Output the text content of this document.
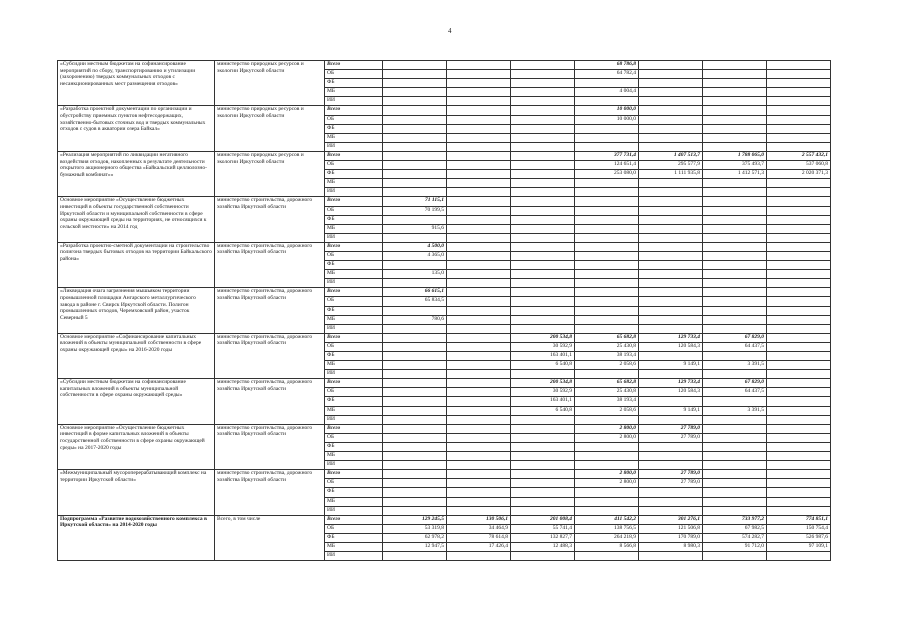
4
«Субсидии местным бюджетам на софинансирование мероприятий по сбору, транспортированию и утилизации (захоронению) твердых коммунальных отходов с несанкционированных мест размещения отходов»	министерство природных ресурсов и экологии Иркутской области	Всего				68 786,8			
		ОБ				64 782,4			
		ФБ							
		МБ				4 004,4			
		ИИ							
«Разработка проектной документации по организации и обустройству приемных пунктов нефтесодержащих, хозяйственно-бытовых сточных вод и твердых коммунальных отходов с судов в акватории озера Байкал»	министерство природных ресурсов и экологии Иркутской области	Всего				10 000,0			
		ОБ				10 000,0			
		ФБ							
		МБ							
		ИИ							
«Реализация мероприятий по ликвидации негативного воздействия отходов, накопленных в результате деятельности открытого акционерного общества «Байкальский целлюлозно-бумажный комбинат»»	министерство природных ресурсов и экологии Иркутской области	Всего				377 731,4	1 407 513,7	1 788 065,0	2 557 432,1
		ОБ				124 651,4	295 577,9	375 493,7	537 060,8
		ФБ				253 080,0	1 111 935,8	1 412 571,3	2 020 371,3
		МБ							
		ИИ							
Основное мероприятие «Осуществление бюджетных инвестиций в объекты государственной собственности Иркутской области и муниципальной собственности в сфере охраны окружающей среды на территориях, не относящихся к сельской местности» на 2014 год	министерство строительства, дорожного хозяйства Иркутской области	Всего	71 115,1						
		ОБ	70 199,5						
		ФБ							
		МБ	915,6						
		ИИ							
«Разработка проектно-сметной документации на строительство полигона твердых бытовых отходов на территории Байкальского района»	министерство строительства, дорожного хозяйства Иркутской области	Всего	4 500,0						
		ОБ	4 365,0						
		ФБ							
		МБ	135,0						
		ИИ							
«Ликвидация очага загрязнения мышьяком территории промышленной площадки Ангарского металлургического завода в районе г. Свирск Иркутской области. Полигон промышленных отходов, Черемховский район, участок Северный 5	министерство строительства, дорожного хозяйства Иркутской области	Всего	66 615,1						
		ОБ	65 834,5						
		ФБ							
		МБ	780,6						
		ИИ							
Основное мероприятие «Софинансирование капитальных вложений в объекты муниципальной собственности в сфере охраны окружающей среды» на 2016-2020 годы	министерство строительства, дорожного хозяйства Иркутской области	Всего			200 534,8	65 682,8	129 733,4	67 829,0	
		ОБ			30 592,9	25 430,8	120 584,3	64 437,5	
		ФБ			163 401,1	38 193,4			
		МБ			6 540,8	2 058,6	9 149,1	3 391,5	
		ИИ							
«Субсидии местным бюджетам на софинансирование капитальных вложений в объекты муниципальной собственности в сфере охраны окружающей среды»	министерство строительства, дорожного хозяйства Иркутской области	Всего			200 534,8	65 682,8	129 733,4	67 829,0	
		ОБ			30 592,9	25 430,8	120 584,3	64 437,5	
		ФБ			163 401,1	38 193,4			
		МБ			6 540,8	2 058,6	9 149,1	3 391,5	
		ИИ							
Основное мероприятие «Осуществление бюджетных инвестиций в форме капитальных вложений в объекты государственной собственности в сфере охраны окружающей среды» на 2017-2020 годы	министерство строительства, дорожного хозяйства Иркутской области	Всего				2 800,0	27 789,0		
		ОБ				2 800,0	27 789,0		
		ФБ							
		МБ							
		ИИ							
«Межмуниципальный мусороперерабатывающий комплекс на территории Иркутской области»	министерство строительства, дорожного хозяйства Иркутской области	Всего				2 800,0	27 789,0		
		ОБ				2 800,0	27 789,0		
		ФБ							
		МБ							
		ИИ							
Подпрограмма «Развитие водохозяйственного комплекса в Иркутской области» на 2014-2020 годы	Всего, в том числе	Всего	129 245,5	130 506,1	201 008,4	411 542,2	301 276,1	733 977,2	774 851,1
		ОБ	53 319,8	34 464,9	55 741,4	138 756,5	121 506,8	67 982,5	150 754,4
		ФБ	62 978,2	78 614,8	132 827,7	264 218,9	170 789,0	574 282,7	526 987,6
		МБ	12 947,5	17 426,4	12 488,3	8 566,8	8 980,3	91 712,0	97 109,1
		ИИ							
